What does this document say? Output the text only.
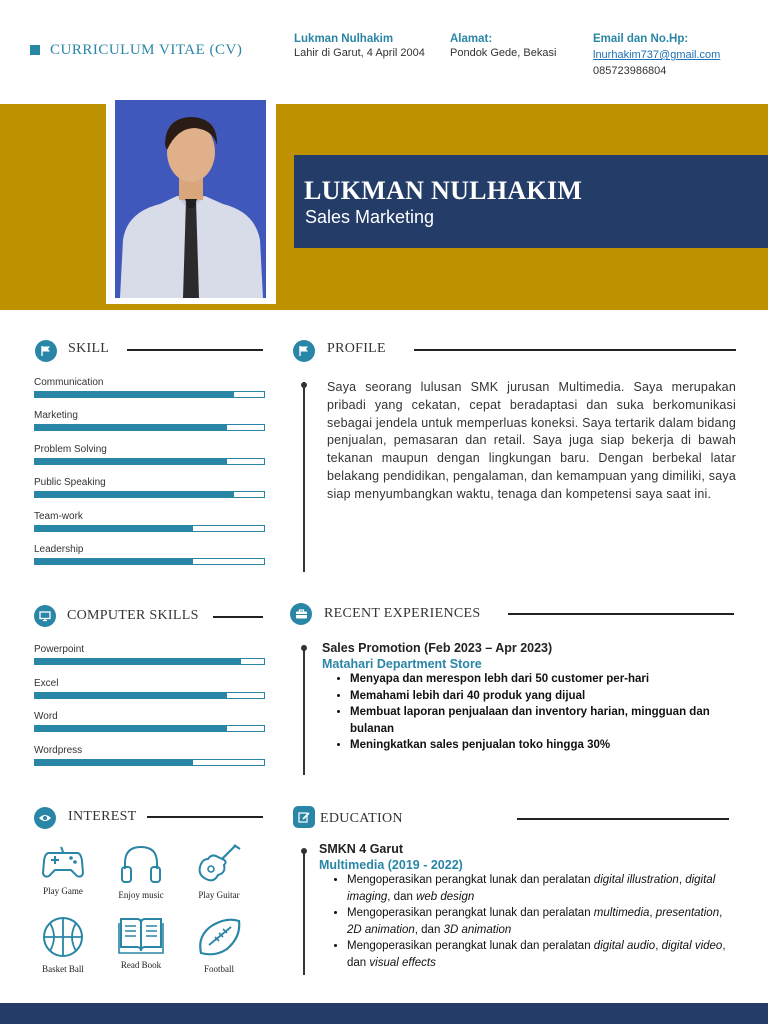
CURRICULUM VITAE (CV)
Lukman Nulhakim
Lahir di Garut, 4 April 2004
Alamat:
Pondok Gede, Bekasi
Email dan No.Hp:
lnurhakim737@gmail.com
085723986804
LUKMAN NULHAKIM
Sales Marketing
SKILL
Communication
Marketing
Problem Solving
Public Speaking
Team-work
Leadership
PROFILE
Saya seorang lulusan SMK jurusan Multimedia. Saya merupakan pribadi yang cekatan, cepat beradaptasi dan suka berkomunikasi sebagai jendela untuk memperluas koneksi. Saya tertarik dalam bidang penjualan, pemasaran dan retail. Saya juga siap bekerja di bawah tekanan maupun dengan lingkungan baru. Dengan berbekal latar belakang pendidikan, pengalaman, dan kemampuan yang dimiliki, saya siap menyumbangkan waktu, tenaga dan kompetensi saya saat ini.
COMPUTER SKILLS
Powerpoint
Excel
Word
Wordpress
RECENT EXPERIENCES
Sales Promotion (Feb 2023 – Apr 2023)
Matahari Department Store
• Menyapa dan merespon lebh dari 50 customer per-hari
• Memahami lebih dari 40 produk yang dijual
• Membuat laporan penjualaan dan inventory harian, mingguan dan bulanan
• Meningkatkan sales penjualan toko hingga 30%
INTEREST
Play Game	Enjoy music	Play Guitar
Basket Ball	Read Book	Football
EDUCATION
SMKN 4 Garut
Multimedia (2019 - 2022)
• Mengoperasikan perangkat lunak dan peralatan digital illustration, digital imaging, dan web design
• Mengoperasikan perangkat lunak dan peralatan multimedia, presentation, 2D animation, dan 3D animation
• Mengoperasikan perangkat lunak dan peralatan digital audio, digital video, dan visual effects
